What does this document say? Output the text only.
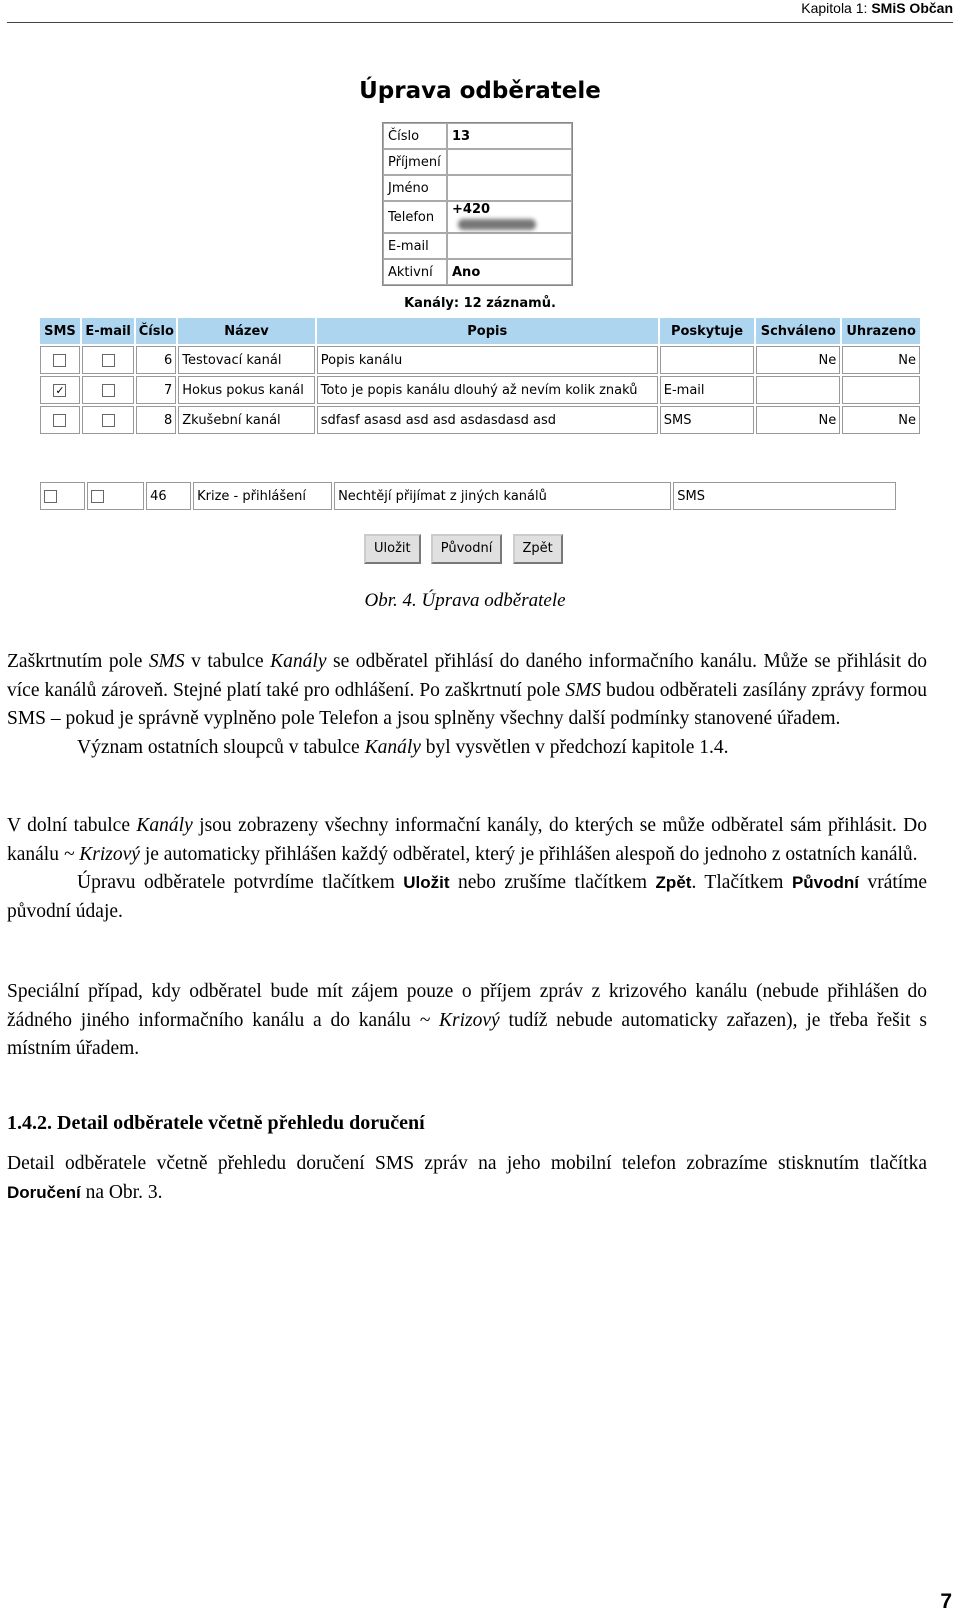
Kapitola 1: SMiS Občan
Úprava odběratele
Číslo	13
Příjmení	
Jméno	
Telefon	+420
E-mail	
Aktivní	Ano
Kanály: 12 záznamů.
SMS	E-mail	Číslo	Název	Popis	Poskytuje	Schváleno	Uhrazeno
		6	Testovací kanál	Popis kanálu		Ne	Ne
✓		7	Hokus pokus kanál	Toto je popis kanálu dlouhý až nevím kolik znaků	E-mail		
		8	Zkušební kanál	sdfasf asasd asd asd asdasdasd asd	SMS	Ne	Ne
		46	Krize - přihlášení	Nechtějí přijímat z jiných kanálů	SMS
Uložit Původní Zpět
Obr. 4. Úprava odběratele

Zaškrtnutím pole SMS v tabulce Kanály se odběratel přihlásí do daného informačního kanálu. Může se přihlásit do více kanálů zároveň. Stejné platí také pro odhlášení. Po zaškrtnutí pole SMS budou odběrateli zasílány zprávy formou SMS – pokud je správně vyplněno pole Telefon a jsou splněny všechny další podmínky stanovené úřadem.

Význam ostatních sloupců v tabulce Kanály byl vysvětlen v předchozí kapitole 1.4.

V dolní tabulce Kanály jsou zobrazeny všechny informační kanály, do kterých se může odběratel sám přihlásit. Do kanálu ~ Krizový je automaticky přihlášen každý odběratel, který je přihlášen alespoň do jednoho z ostatních kanálů.

Úpravu odběratele potvrdíme tlačítkem Uložit nebo zrušíme tlačítkem Zpět. Tlačítkem Původní vrátíme původní údaje.

Speciální případ, kdy odběratel bude mít zájem pouze o příjem zpráv z krizového kanálu (nebude přihlášen do žádného jiného informačního kanálu a do kanálu ~ Krizový tudíž nebude automaticky zařazen), je třeba řešit s místním úřadem.

1.4.2. Detail odběratele včetně přehledu doručení

Detail odběratele včetně přehledu doručení SMS zpráv na jeho mobilní telefon zobrazíme stisknutím tlačítka Doručení na Obr. 3.

7
